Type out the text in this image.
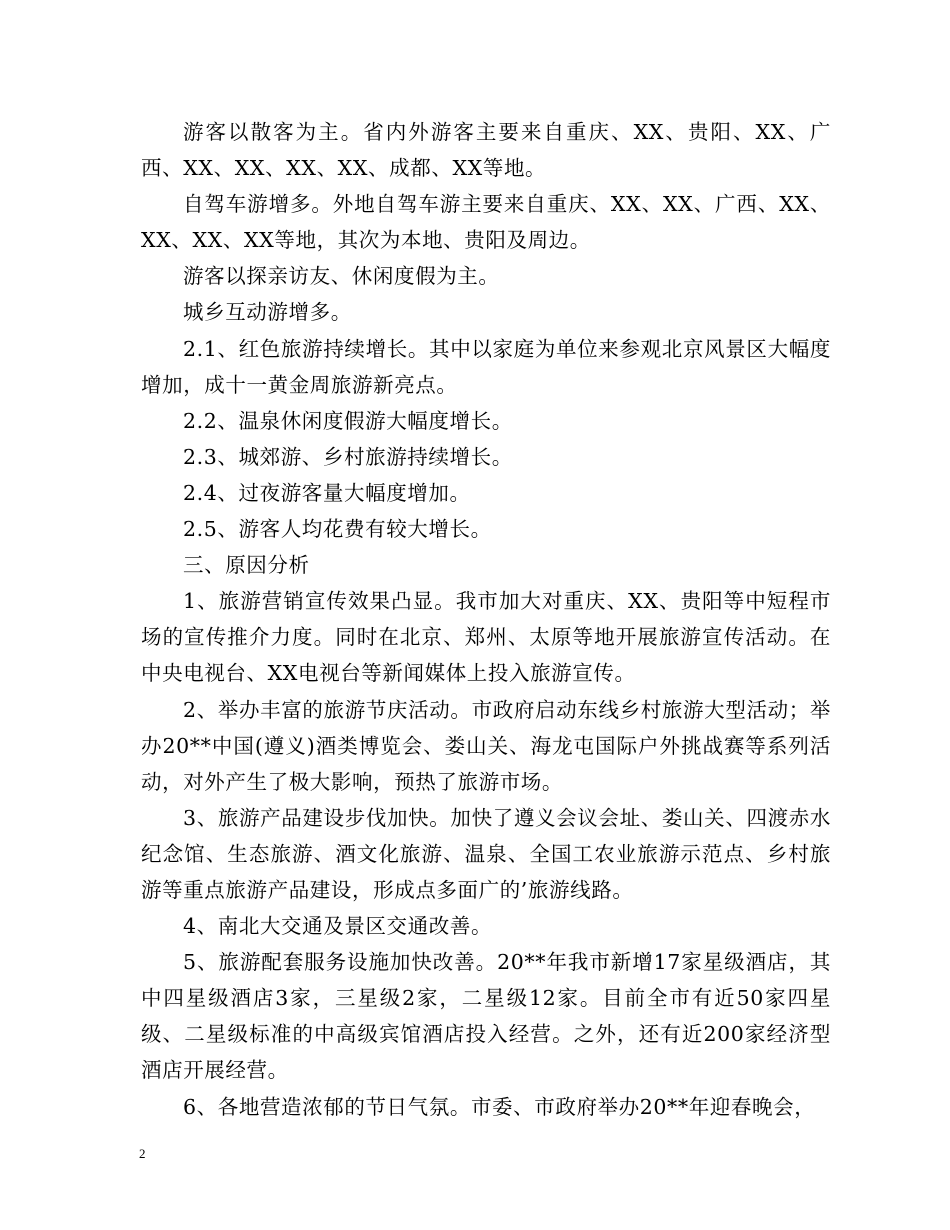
游客以散客为主。省内外游客主要来自重庆、XX、贵阳、XX、广西、XX、XX、XX、XX、成都、XX等地。

自驾车游增多。外地自驾车游主要来自重庆、XX、XX、广西、XX、XX、XX、XX等地，其次为本地、贵阳及周边。

游客以探亲访友、休闲度假为主。

城乡互动游增多。

2.1、红色旅游持续增长。其中以家庭为单位来参观北京风景区大幅度增加，成十一黄金周旅游新亮点。

2.2、温泉休闲度假游大幅度增长。

2.3、城郊游、乡村旅游持续增长。

2.4、过夜游客量大幅度增加。

2.5、游客人均花费有较大增长。

三、原因分析

1、旅游营销宣传效果凸显。我市加大对重庆、XX、贵阳等中短程市场的宣传推介力度。同时在北京、郑州、太原等地开展旅游宣传活动。在中央电视台、XX电视台等新闻媒体上投入旅游宣传。

2、举办丰富的旅游节庆活动。市政府启动东线乡村旅游大型活动；举办20**中国(遵义)酒类博览会、娄山关、海龙屯国际户外挑战赛等系列活动，对外产生了极大影响，预热了旅游市场。

3、旅游产品建设步伐加快。加快了遵义会议会址、娄山关、四渡赤水纪念馆、生态旅游、酒文化旅游、温泉、全国工农业旅游示范点、乡村旅游等重点旅游产品建设，形成点多面广的’旅游线路。

4、南北大交通及景区交通改善。

5、旅游配套服务设施加快改善。20**年我市新增17家星级酒店，其中四星级酒店3家，三星级2家，二星级12家。目前全市有近50家四星级、二星级标准的中高级宾馆酒店投入经营。之外，还有近200家经济型酒店开展经营。

6、各地营造浓郁的节日气氛。市委、市政府举办20**年迎春晚会，

2
